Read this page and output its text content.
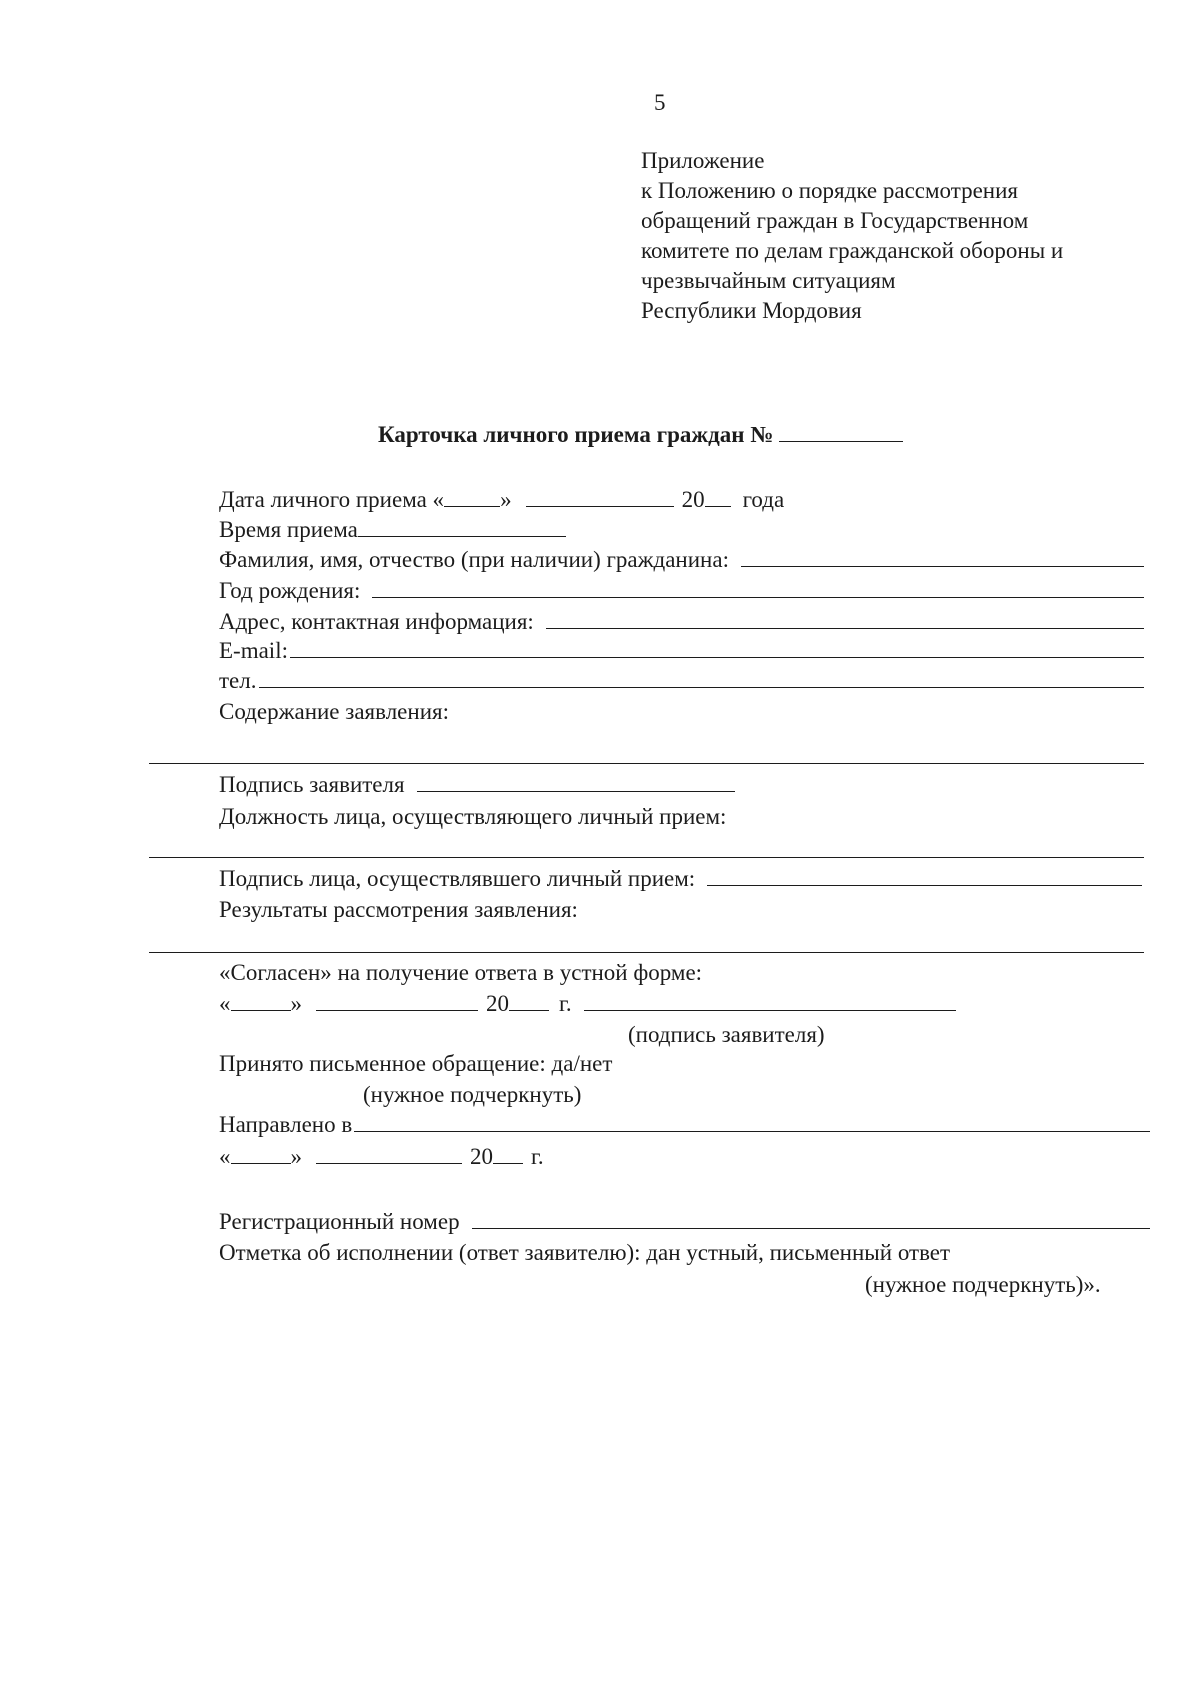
5
Приложение
к Положению о порядке рассмотрения
обращений граждан в Государственном
комитете по делам гражданской обороны и
чрезвычайным ситуациям
Республики Мордовия
Карточка личного приема граждан №
Дата личного приема « »	20 года
Время приема
Фамилия, имя, отчество (при наличии) гражданина:
Год рождения:
Адрес, контактная информация:
E-mail:
тел.
Содержание заявления:
Подпись заявителя
Должность лица, осуществляющего личный прием:
Подпись лица, осуществлявшего личный прием:
Результаты рассмотрения заявления:
«Согласен» на получение ответа в устной форме:
«	»	20 г.
(подпись заявителя)
Принято письменное обращение: да/нет
(нужное подчеркнуть)
Направлено в
«	»	20 г.
Регистрационный номер
Отметка об исполнении (ответ заявителю): дан устный, письменный ответ
(нужное подчеркнуть)».
